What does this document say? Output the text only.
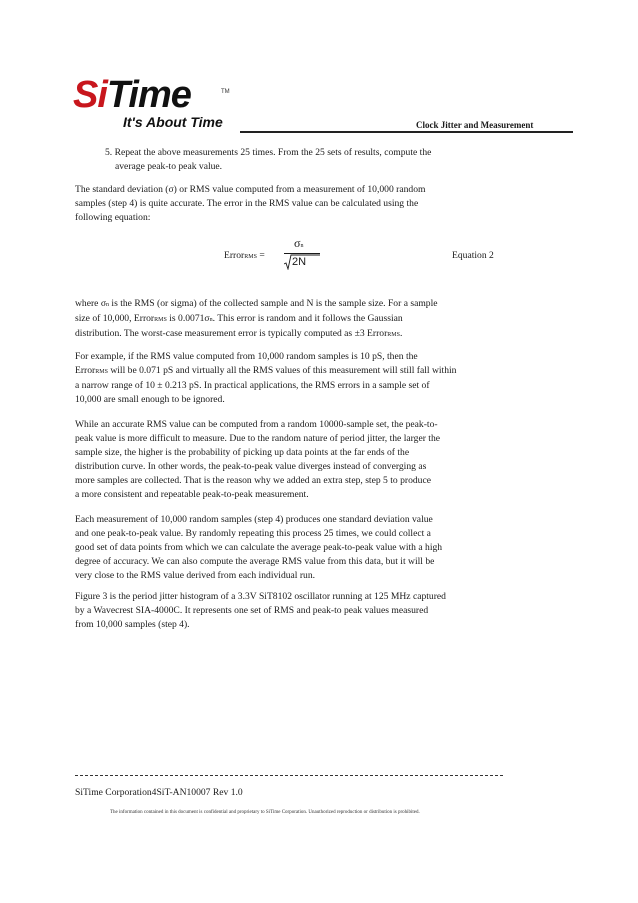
SiTime	TM
It's About Time	Clock Jitter and Measurement

5. Repeat the above measurements 25 times. From the 25 sets of results, compute the
average peak-to peak value.

The standard deviation (σ) or RMS value computed from a measurement of 10,000 random
samples (step 4) is quite accurate. The error in the RMS value can be calculated using the
following equation:

ErrorRMS =
σn
2N
Equation 2

where σn is the RMS (or sigma) of the collected sample and N is the sample size. For a sample
size of 10,000, ErrorRMS is 0.0071σn. This error is random and it follows the Gaussian
distribution. The worst-case measurement error is typically computed as ±3 ErrorRMS.

For example, if the RMS value computed from 10,000 random samples is 10 pS, then the
ErrorRMS will be 0.071 pS and virtually all the RMS values of this measurement will still fall within
a narrow range of 10 ± 0.213 pS. In practical applications, the RMS errors in a sample set of
10,000 are small enough to be ignored.

While an accurate RMS value can be computed from a random 10000-sample set, the peak-to-
peak value is more difficult to measure. Due to the random nature of period jitter, the larger the
sample size, the higher is the probability of picking up data points at the far ends of the
distribution curve. In other words, the peak-to-peak value diverges instead of converging as
more samples are collected. That is the reason why we added an extra step, step 5 to produce
a more consistent and repeatable peak-to-peak measurement.

Each measurement of 10,000 random samples (step 4) produces one standard deviation value
and one peak-to-peak value. By randomly repeating this process 25 times, we could collect a
good set of data points from which we can calculate the average peak-to-peak value with a high
degree of accuracy. We can also compute the average RMS value from this data, but it will be
very close to the RMS value derived from each individual run.

Figure 3 is the period jitter histogram of a 3.3V SiT8102 oscillator running at 125 MHz captured
by a Wavecrest SIA-4000C. It represents one set of RMS and peak-to peak values measured
from 10,000 samples (step 4).

SiTime Corporation4SiT-AN10007 Rev 1.0
The information contained in this document is confidential and proprietary to SiTime Corporation. Unauthorized reproduction or distribution is prohibited.
